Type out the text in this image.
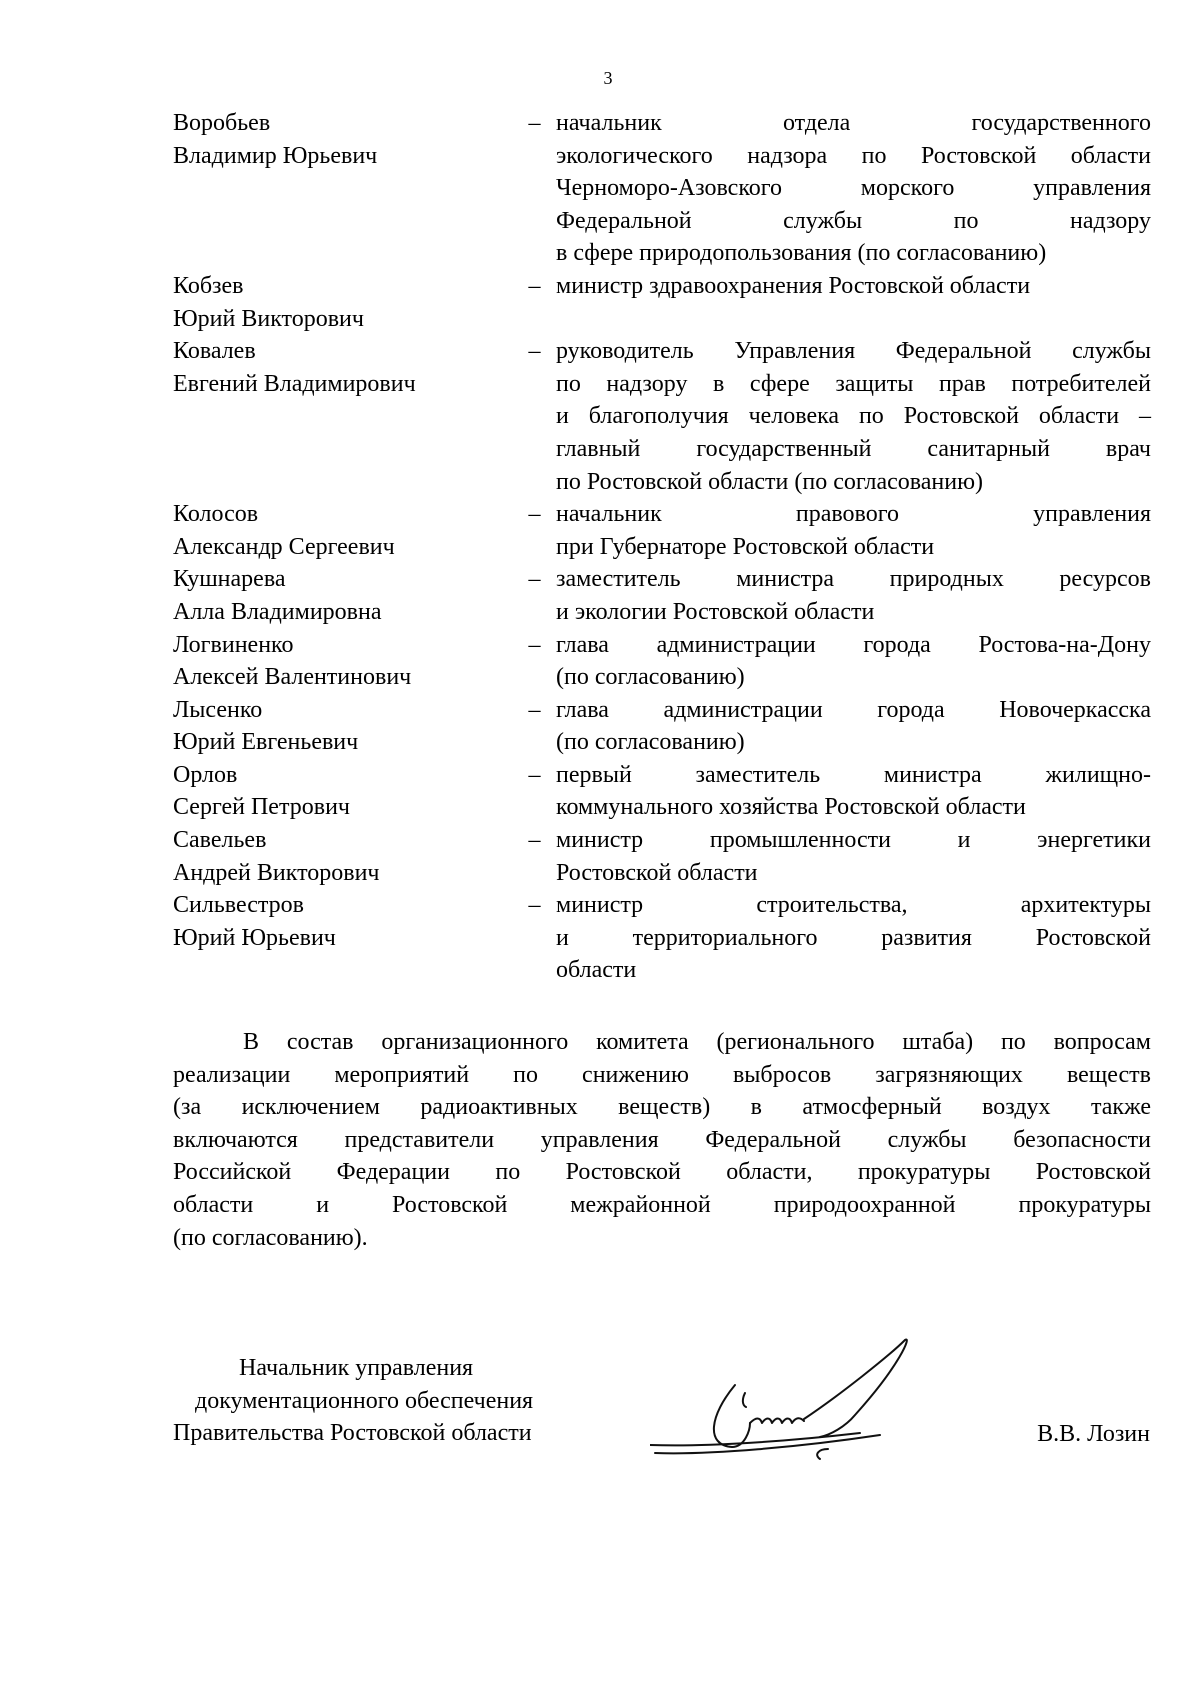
3
Воробьев
Владимир Юрьевич
– начальник отдела государственного
экологического надзора по Ростовской области
Черноморо-Азовского морского управления
Федеральной службы по надзору
в сфере природопользования (по согласованию)
Кобзев
Юрий Викторович
– министр здравоохранения Ростовской области
Ковалев
Евгений Владимирович
– руководитель Управления Федеральной службы
по надзору в сфере защиты прав потребителей
и благополучия человека по Ростовской области –
главный государственный санитарный врач
по Ростовской области (по согласованию)
Колосов
Александр Сергеевич
– начальник правового управления
при Губернаторе Ростовской области
Кушнарева
Алла Владимировна
– заместитель министра природных ресурсов
и экологии Ростовской области
Логвиненко
Алексей Валентинович
– глава администрации города Ростова-на-Дону
(по согласованию)
Лысенко
Юрий Евгеньевич
– глава администрации города Новочеркасска
(по согласованию)
Орлов
Сергей Петрович
– первый заместитель министра жилищно-
коммунального хозяйства Ростовской области
Савельев
Андрей Викторович
– министр промышленности и энергетики
Ростовской области
Сильвестров
Юрий Юрьевич
– министр строительства, архитектуры
и территориального развития Ростовской
области
В состав организационного комитета (регионального штаба) по вопросам
реализации мероприятий по снижению выбросов загрязняющих веществ
(за исключением радиоактивных веществ) в атмосферный воздух также
включаются представители управления Федеральной службы безопасности
Российской Федерации по Ростовской области, прокуратуры Ростовской
области и Ростовской межрайонной природоохранной прокуратуры
(по согласованию).
Начальник управления
документационного обеспечения
Правительства Ростовской области	В.В. Лозин
